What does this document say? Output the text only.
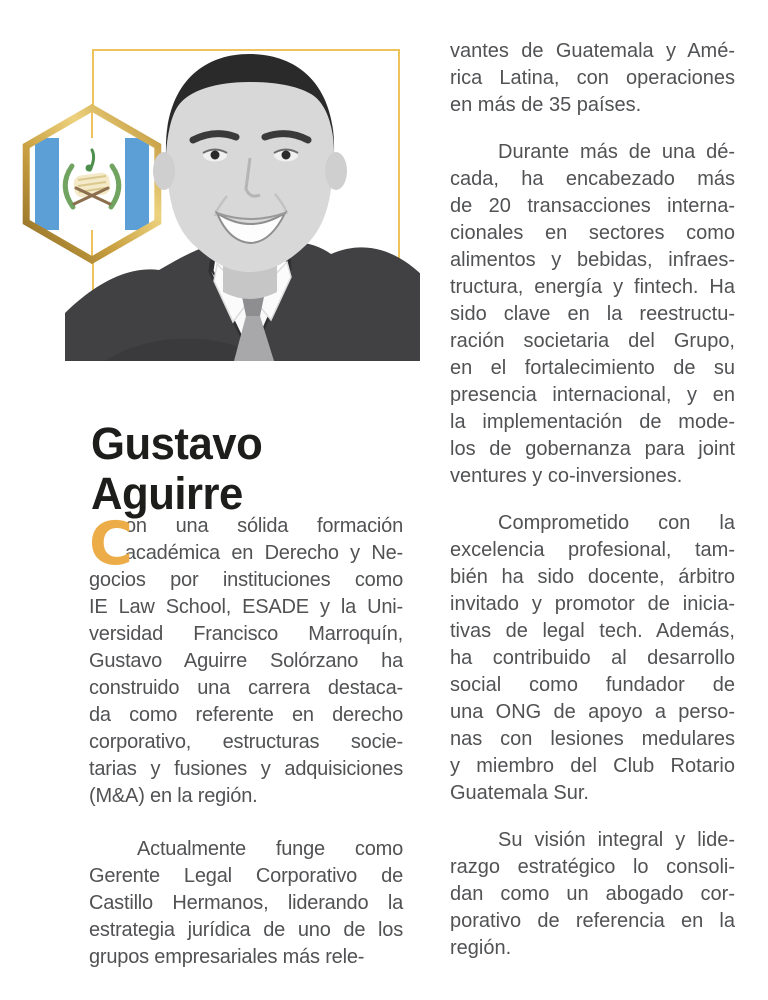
Gustavo
Aguirre
C
on una sólida formación
académica en Derecho y Ne-
gocios por instituciones como
IE Law School, ESADE y la Uni-
versidad Francisco Marroquín,
Gustavo Aguirre Solórzano ha
construido una carrera destaca-
da como referente en derecho
corporativo, estructuras socie-
tarias y fusiones y adquisiciones
(M&A) en la región.
Actualmente funge como
Gerente Legal Corporativo de
Castillo Hermanos, liderando la
estrategia jurídica de uno de los
grupos empresariales más rele-
vantes de Guatemala y Amé-
rica Latina, con operaciones
en más de 35 países.
Durante más de una dé-
cada, ha encabezado más
de 20 transacciones interna-
cionales en sectores como
alimentos y bebidas, infraes-
tructura, energía y fintech. Ha
sido clave en la reestructu-
ración societaria del Grupo,
en el fortalecimiento de su
presencia internacional, y en
la implementación de mode-
los de gobernanza para joint
ventures y co-inversiones.
Comprometido con la
excelencia profesional, tam-
bién ha sido docente, árbitro
invitado y promotor de inicia-
tivas de legal tech. Además,
ha contribuido al desarrollo
social como fundador de
una ONG de apoyo a perso-
nas con lesiones medulares
y miembro del Club Rotario
Guatemala Sur.
Su visión integral y lide-
razgo estratégico lo consoli-
dan como un abogado cor-
porativo de referencia en la
región.
